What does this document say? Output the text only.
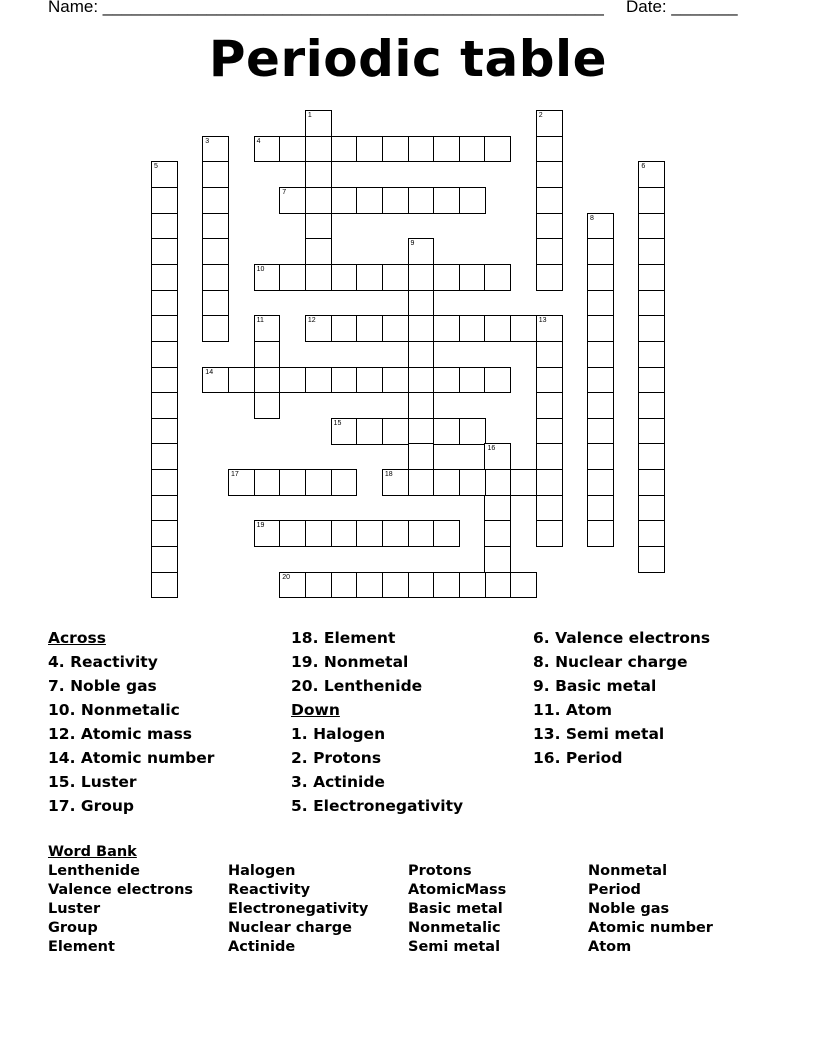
Name: _____________________________________________________ Date: _______
Periodic table
1	2
3	4
5	6
7
8
9
10
11	12	13
14
15
16
17	18
19
20
Across
4. Reactivity
7. Noble gas
10. Nonmetalic
12. Atomic mass
14. Atomic number
15. Luster
17. Group
18. Element
19. Nonmetal
20. Lenthenide
Down
1. Halogen
2. Protons
3. Actinide
5. Electronegativity
6. Valence electrons
8. Nuclear charge
9. Basic metal
11. Atom
13. Semi metal
16. Period
Word Bank
Lenthenide
Valence electrons
Luster
Group
Element
Halogen
Reactivity
Electronegativity
Nuclear charge
Actinide
Protons
AtomicMass
Basic metal
Nonmetalic
Semi metal
Nonmetal
Period
Noble gas
Atomic number
Atom
